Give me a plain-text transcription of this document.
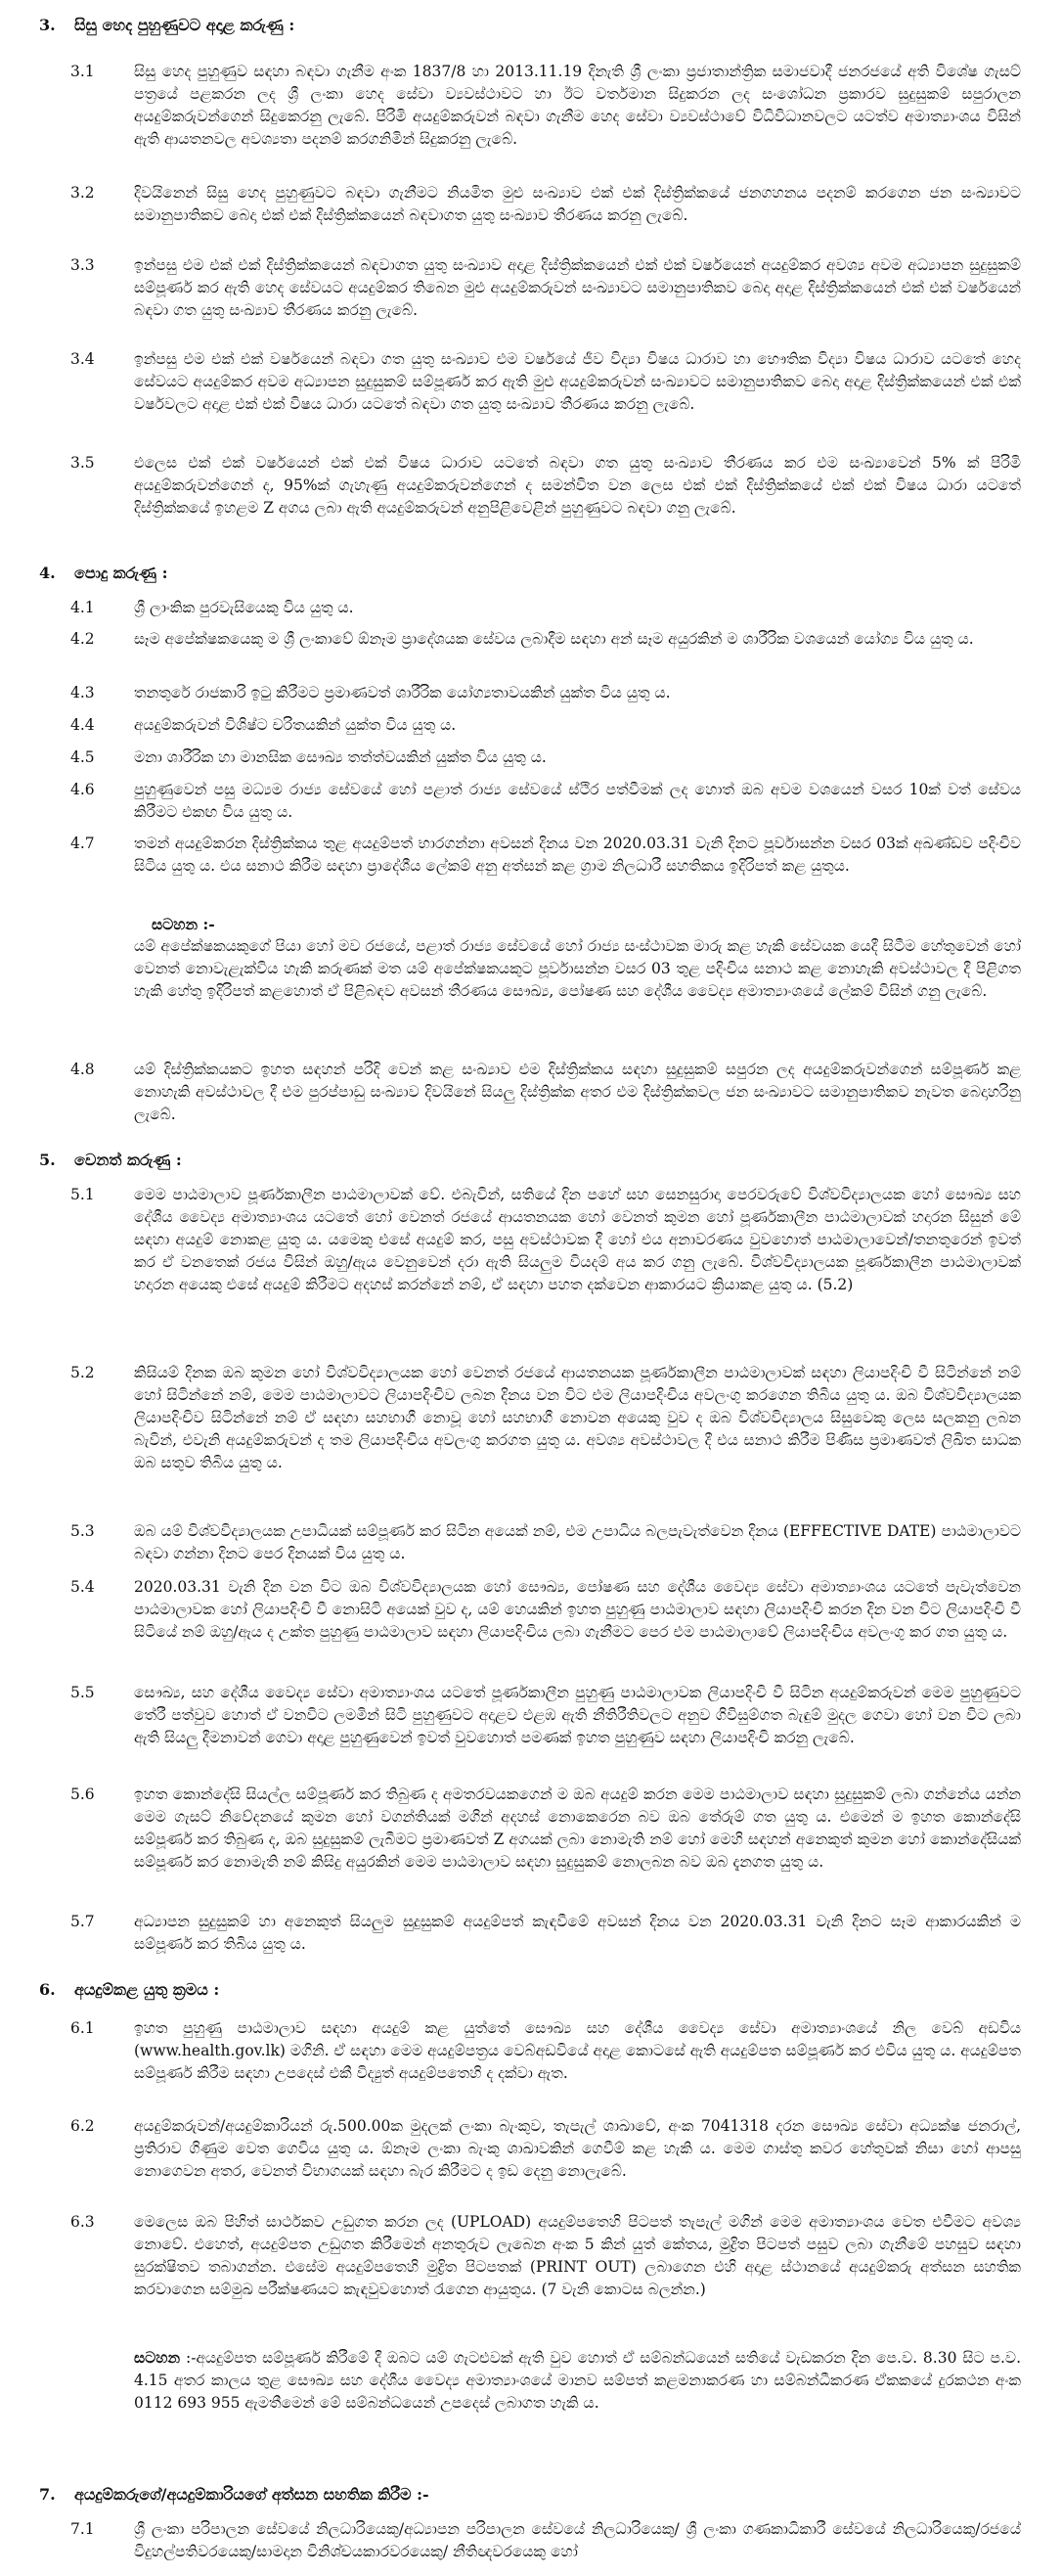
3. සිසු හෙද පුහුණුවට අදාළ කරුණු :
3.1	සිසු හෙද පුහුණුව සඳහා බඳවා ගැනීම අංක 1837/8 හා 2013.11.19 දිනැති ශ්‍රී ලංකා ප්‍රජාතාන්ත්‍රික සමාජවාදී ජනරජයේ අති විශේෂ ගැසට් පත්‍රයේ පළකරන ලද ශ්‍රී ලංකා හෙද සේවා ව්‍යවස්ථාවට හා ඊට වර්තමාන සිදුකරන ලද සංශෝධන ප්‍රකාරව සුදුසුකම් සපුරාලන අයදුම්කරුවන්ගෙන් සිදුකෙරනු ලැබේ. පිරිමි අයදුම්කරුවන් බඳවා ගැනීම හෙද සේවා ව්‍යවස්ථාවේ විධිවිධානවලට යටත්ව අමාත්‍යාංශය විසින් ඇති ආයතනවල අවශ්‍යතා පදනම් කරගනිමින් සිදුකරනු ලැබේ.
3.2	දිවයිනෙන් සිසු හෙද පුහුණුවට බඳවා ගැනීමට නියමිත මුළු සංඛ්‍යාව එක් එක් දිස්ත්‍රික්කයේ ජනගහනය පදනම් කරගෙන ජන සංඛ්‍යාවට සමානුපාතිකව බෙදා එක් එක් දිස්ත්‍රික්කයෙන් බඳවාගත යුතු සංඛ්‍යාව තීරණය කරනු ලැබේ.
3.3	ඉන්පසු එම එක් එක් දිස්ත්‍රික්කයෙන් බඳවාගත යුතු සංඛ්‍යාව අදාළ දිස්ත්‍රික්කයෙන් එක් එක් වර්ෂයෙන් අයදුම්කර අවශ්‍ය අවම අධ්‍යාපන සුදුසුකම් සම්පූර්ණ කර ඇති හෙද සේවයට අයදුම්කර තිබෙන මුළු අයදුම්කරුවන් සංඛ්‍යාවට සමානුපාතිකව බෙදා අදාළ දිස්ත්‍රික්කයෙන් එක් එක් වර්ෂයෙන් බඳවා ගත යුතු සංඛ්‍යාව තීරණය කරනු ලැබේ.
3.4	ඉන්පසු එම එක් එක් වර්ෂයෙන් බඳවා ගත යුතු සංඛ්‍යාව එම වර්ෂයේ ජීව විද්‍යා විෂය ධාරාව හා භෞතික විද්‍යා විෂය ධාරාව යටතේ හෙද සේවයට අයදුම්කර අවම අධ්‍යාපන සුදුසුකම් සම්පූර්ණ කර ඇති මුළු අයදුම්කරුවන් සංඛ්‍යාවට සමානුපාතිකව බෙදා අදාළ දිස්ත්‍රික්කයෙන් එක් එක් වර්ෂවලට අදාළ එක් එක් විෂය ධාරා යටතේ බඳවා ගත යුතු සංඛ්‍යාව තීරණය කරනු ලැබේ.
3.5	එලෙස එක් එක් වර්ෂයෙන් එක් එක් විෂය ධාරාව යටතේ බඳවා ගත යුතු සංඛ්‍යාව තීරණය කර එම සංඛ්‍යාවෙන් 5% ක් පිරිමි අයදුම්කරුවන්ගෙන් ද, 95%ක් ගැහැණු අයදුම්කරුවන්ගෙන් ද සමන්විත වන ලෙස එක් එක් දිස්ත්‍රික්කයේ එක් එක් විෂය ධාරා යටතේ දිස්ත්‍රික්කයේ ඉහළම Z අගය ලබා ඇති අයදුම්කරුවන් අනුපිළිවෙළින් පුහුණුවට බඳවා ගනු ලැබේ.
4. පොදු කරුණු :
4.1	ශ්‍රී ලාංකික පුරවැසියෙකු විය යුතු ය.
4.2	සෑම අපේක්ෂකයෙකු ම ශ්‍රී ලංකාවේ ඕනෑම ප්‍රාදේශයක සේවය ලබාදීම සඳහා අන් සෑම අයුරකින් ම ශාරීරික වශයෙන් යෝග්‍ය විය යුතු ය.
4.3	තනතුරේ රාජකාරි ඉටු කිරීමට ප්‍රමාණවත් ශාරීරික යෝග්‍යතාවයකින් යුක්ත විය යුතු ය.
4.4	අයදුම්කරුවන් විශිෂ්ට චරිතයකින් යුක්ත විය යුතු ය.
4.5	මනා ශාරීරික හා මානසික සෞඛ්‍ය තත්ත්වයකින් යුක්ත විය යුතු ය.
4.6	පුහුණුවෙන් පසු මධ්‍යම රාජ්‍ය සේවයේ හෝ පළාත් රාජ්‍ය සේවයේ ස්ථිර පත්වීමක් ලද හොත් ඔබ අවම වශයෙන් වසර 10ක් වත් සේවය කිරීමට එකඟ විය යුතු ය.
4.7	තමන් අයදුම්කරන දිස්ත්‍රික්කය තුළ අයදුම්පත් භාරගන්නා අවසන් දිනය වන 2020.03.31 වැනි දිනට පූර්වාසන්න වසර 03ක් අඛණ්ඩව පදිංචිව සිටිය යුතු ය. එය සනාථ කිරීම සඳහා ප්‍රාදේශීය ලේකම් අනු අත්සන් කළ ග්‍රාම නිලධාරී සහතිකය ඉදිරිපත් කළ යුතුය.
සටහන :-
යම් අපේක්ෂකයකුගේ පියා හෝ මව රජයේ, පළාත් රාජ්‍ය සේවයේ හෝ රාජ්‍ය සංස්ථාවක මාරු කළ හැකි සේවයක යෙදී සිටීම හේතුවෙන් හෝ වෙනත් නොවැළැක්විය හැකි කරුණක් මත යම් අපේක්ෂකයකුට පූර්වාසන්න වසර 03 තුළ පදිංචිය සනාථ කළ නොහැකි අවස්ථාවල දී පිළිගත හැකි හේතු ඉදිරිපත් කළහොත් ඒ පිළිබඳව අවසන් තීරණය සෞඛ්‍ය, පෝෂණ සහ දේශීය වෛද්‍ය අමාත්‍යාංශයේ ලේකම් විසින් ගනු ලැබේ.
4.8	යම් දිස්ත්‍රික්කයකට ඉහත සඳහන් පරිදි වෙන් කළ සංඛ්‍යාව එම දිස්ත්‍රික්කය සඳහා සුදුසුකම් සපුරන ලද අයදුම්කරුවන්ගෙන් සම්පූර්ණ කළ නොහැකි අවස්ථාවල දී එම පුරප්පාඩු සංඛ්‍යාව දිවයිනේ සියලු දිස්ත්‍රික්ක අතර එම දිස්ත්‍රික්කවල ජන සංඛ්‍යාවට සමානුපාතිකව නැවත බෙදාහරිනු ලැබේ.
5. වෙනත් කරුණු :
5.1	මෙම පාඨමාලාව පූර්ණකාලීන පාඨමාලාවක් වේ. එබැවින්, සතියේ දින පහේ සහ සෙනසුරාදා පෙරවරුවේ විශ්වවිද්‍යාලයක හෝ සෞඛ්‍ය සහ දේශීය වෛද්‍ය අමාත්‍යාංශය යටතේ හෝ වෙනත් රජයේ ආයතනයක හෝ වෙනත් කුමන හෝ පූර්ණකාලීන පාඨමාලාවක් හදාරන සිසුන් මේ සඳහා අයදුම් නොකළ යුතු ය. යමෙකු එසේ අයදුම් කර, පසු අවස්ථාවක දී හෝ එය අනාවරණය වුවහොත් පාඨමාලාවෙන්/තනතුරෙන් ඉවත් කර ඒ වනතෙක් රජය විසින් ඔහු/ඇය වෙනුවෙන් දරා ඇති සියලුම වියදම් අය කර ගනු ලැබේ. විශ්වවිද්‍යාලයක පූර්ණකාලීන පාඨමාලාවක් හදාරන අයෙකු එසේ අයදුම් කිරීමට අදහස් කරන්නේ නම්, ඒ සඳහා පහත දක්වෙන ආකාරයට ක්‍රියාකළ යුතු ය. (5.2)
5.2	කිසියම් දිනක ඔබ කුමන හෝ විශ්වවිද්‍යාලයක හෝ වෙනත් රජයේ ආයතනයක පූර්ණකාලීන පාඨමාලාවක් සඳහා ලියාපදිංචි වී සිටින්නේ නම් හෝ සිටින්නේ නම්, මෙම පාඨමාලාවට ලියාපදිංචිව ලබන දිනය වන විට එම ලියාපදිංචිය අවලංගු කරගෙන තිබිය යුතු ය. ඔබ විශ්වවිද්‍යාලයක ලියාපදිංචිව සිටින්නේ නම් ඒ සඳහා සහභාගී නොවූ හෝ සහභාගී නොවන අයෙකු වුව ද ඔබ විශ්වවිද්‍යාලය සිසුවෙකු ලෙස සලකනු ලබන බැවින්, එවැනි අයදුම්කරුවන් ද තම ලියාපදිංචිය අවලංගු කරගත යුතු ය. අවශ්‍ය අවස්ථාවල දී එය සනාථ කිරීම පිණිස ප්‍රමාණවත් ලිඛිත සාධක ඔබ සතුව තිබිය යුතු ය.
5.3	ඔබ යම් විශ්වවිද්‍යාලයක උපාධියක් සම්පූර්ණ කර සිටින අයෙක් නම්, එම උපාධිය බලපැවැත්වෙන දිනය (EFFECTIVE DATE) පාඨමාලාවට බඳවා ගන්නා දිනට පෙර දිනයක් විය යුතු ය.
5.4	2020.03.31 වැනි දින වන විට ඔබ විශ්වවිද්‍යාලයක හෝ සෞඛ්‍ය, පෝෂණ සහ දේශීය වෛද්‍ය සේවා අමාත්‍යාංශය යටතේ පැවැත්වෙන පාඨමාලාවක හෝ ලියාපදිංචි වී නොසිටි අයෙක් වුව ද, යම් හෙයකින් ඉහත පුහුණු පාඨමාලාව සඳහා ලියාපදිංචි කරන දින වන විට ලියාපදිංචි වී සිටියේ නම් ඔහු/ඇය ද උක්ත පුහුණු පාඨමාලාව සඳහා ලියාපදිංචිය ලබා ගැනීමට පෙර එම පාඨමාලාවේ ලියාපදිංචිය අවලංගු කර ගත යුතු ය.
5.5	සෞඛ්‍ය, සහ දේශීය වෛද්‍ය සේවා අමාත්‍යාංශය යටතේ පූර්ණකාලීන පුහුණු පාඨමාලාවක ලියාපදිංචි වී සිටින අයදුම්කරුවන් මෙම පුහුණුවට තේරී පත්වුව හොත් ඒ වනවිට ලමමින් සිටි පුහුණුවට අදාළව එළඹ ඇති නීතිරීතිවලට අනුව ගිවිසුම්ගත බැඳුම් මුදල ගෙවා හෝ වන විට ලබා ඇති සියලු දීමනාවන් ගෙවා අදාළ පුහුණුවෙන් ඉවත් වුවහොත් පමණක් ඉහත පුහුණුව සඳහා ලියාපදිංචි කරනු ලැබේ.
5.6	ඉහත කොන්දේසි සියල්ල සම්පූර්ණ කර තිබුණ ද අමතරවයකගෙන් ම ඔබ අයදුම් කරන මෙම පාඨමාලාව සඳහා සුදුසුකම් ලබා ගන්නේය යන්න මෙම ගැසට් නිවේදනයේ කුමන හෝ වගන්තියක් මගින් අදහස් නොකෙරෙන බව ඔබ තේරුම් ගත යුතු ය. එමෙන් ම ඉහත කොන්දේසි සම්පූර්ණ කර තිබුණ ද, ඔබ සුදුසුකම් ලැබීමට ප්‍රමාණවත් Z අගයක් ලබා නොමැති නම් හෝ මෙහි සඳහන් අනෙකුත් කුමන හෝ කොන්දේසියක් සම්පූර්ණ කර නොමැති නම් කිසිදු අයුරකින් මෙම පාඨමාලාව සඳහා සුදුසුකම් නොලබන බව ඔබ දැනගත යුතු ය.
5.7	අධ්‍යාපන සුදුසුකම් හා අනෙකුත් සියලුම සුදුසුකම් අයදුම්පත් කැඳවීමේ අවසන් දිනය වන 2020.03.31 වැනි දිනට සෑම ආකාරයකින් ම සම්පූර්ණ කර තිබිය යුතු ය.
6. අයදුම්කළ යුතු ක්‍රමය :
6.1	ඉහත පුහුණු පාඨමාලාව සඳහා අයදුම් කළ යුත්තේ සෞඛ්‍ය සහ දේශීය වෛද්‍ය සේවා අමාත්‍යාංශයේ නිල වෙබ් අඩවිය (www.health.gov.lk) මගිනි. ඒ සඳහා මෙම අයදුම්පත්‍රය වෙබ්අඩවියේ අදාළ කොටසේ ඇති අයදුම්පත සම්පූර්ණ කර එවිය යුතු ය. අයදුම්පත සම්පූර්ණ කිරීම සඳහා උපදෙස් එකී විද්‍යුත් අයදුම්පතෙහි ද දක්වා ඇත.
6.2	අයදුම්කරුවන්/අයදුම්කාරියන් රු.500.00ක මුදලක් ලංකා බැංකුව, තැපැල් ශාඛාවේ, අංක 7041318 දරන සෞඛ්‍ය සේවා අධ්‍යක්ෂ ජනරාල්, ප්‍රතිරාව ගිණුම වෙත ගෙවිය යුතු ය. ඕනෑම ලංකා බැංකු ශාඛාවකින් ගෙවීම් කළ හැකි ය. මෙම ගාස්තු කවර හේතුවක් නිසා හෝ ආපසු නොගෙවන අතර, වෙනත් විභාගයක් සඳහා බැර කිරීමට ද ඉඩ දෙනු නොලැබේ.
6.3	මෙලෙස ඔබ පිහිත් සාර්ථකව උඩුගත කරන ලද (UPLOAD) අයදුම්පතෙහි පිටපත් තැපැල් මගින් මෙම අමාත්‍යාංශය වෙත එවීමට අවශ්‍ය නොවේ. එහෙත්, අයදුම්පත උඩුගත කිරීමෙන් අනතුරුව ලැබෙන අංක 5 කින් යුත් කේතය, මුද්‍රිත පිටපත් පසුව ලබා ගැනීමේ පහසුව සඳහා සුරක්ෂිතව තබාගන්න. එසේම අයදුම්පතෙහි මුද්‍රිත පිටපතක් (PRINT OUT) ලබාගෙන එහි අදාළ ස්ථානයේ අයදුම්කරු අත්සන සහතික කරවාගෙන සම්මුඛ පරීක්ෂණයට කැඳවුවහොත් රැගෙන ආයුතුය. (7 වැනි කොටස බලන්න.)
සටහන :-අයදුම්පත සම්පූර්ණ කිරීමේ දී ඔබට යම් ගැටළුවක් ඇති වුව හොත් ඒ සම්බන්ධයෙන් සතියේ වැඩකරන දින පෙ.ව. 8.30 සිට ප.ව. 4.15 අතර කාලය තුළ සෞඛ්‍ය සහ දේශීය වෛද්‍ය අමාත්‍යාංශයේ මානව සම්පත් කළමනාකරණ හා සම්බන්ධීකරණ ඒකකයේ දුරකථන අංක 0112 693 955 ඇමතීමෙන් මේ සම්බන්ධයෙන් උපදෙස් ලබාගත හැකි ය.
7. අයදුම්කරුගේ/අයදුම්කාරියගේ අත්සන සහතික කිරීම :-
7.1	ශ්‍රී ලංකා පරිපාලන සේවයේ නිලධාරියෙකු/අධ්‍යාපන පරිපාලන සේවයේ නිලධාරියෙකු/ ශ්‍රී ලංකා ගණකාධිකාරී සේවයේ නිලධාරියෙකු/රජයේ විදුහල්පතිවරයෙකු/සාමදාන විනිශ්චයකාරවරයෙකු/ නීතිඥවරයෙකු හෝ
